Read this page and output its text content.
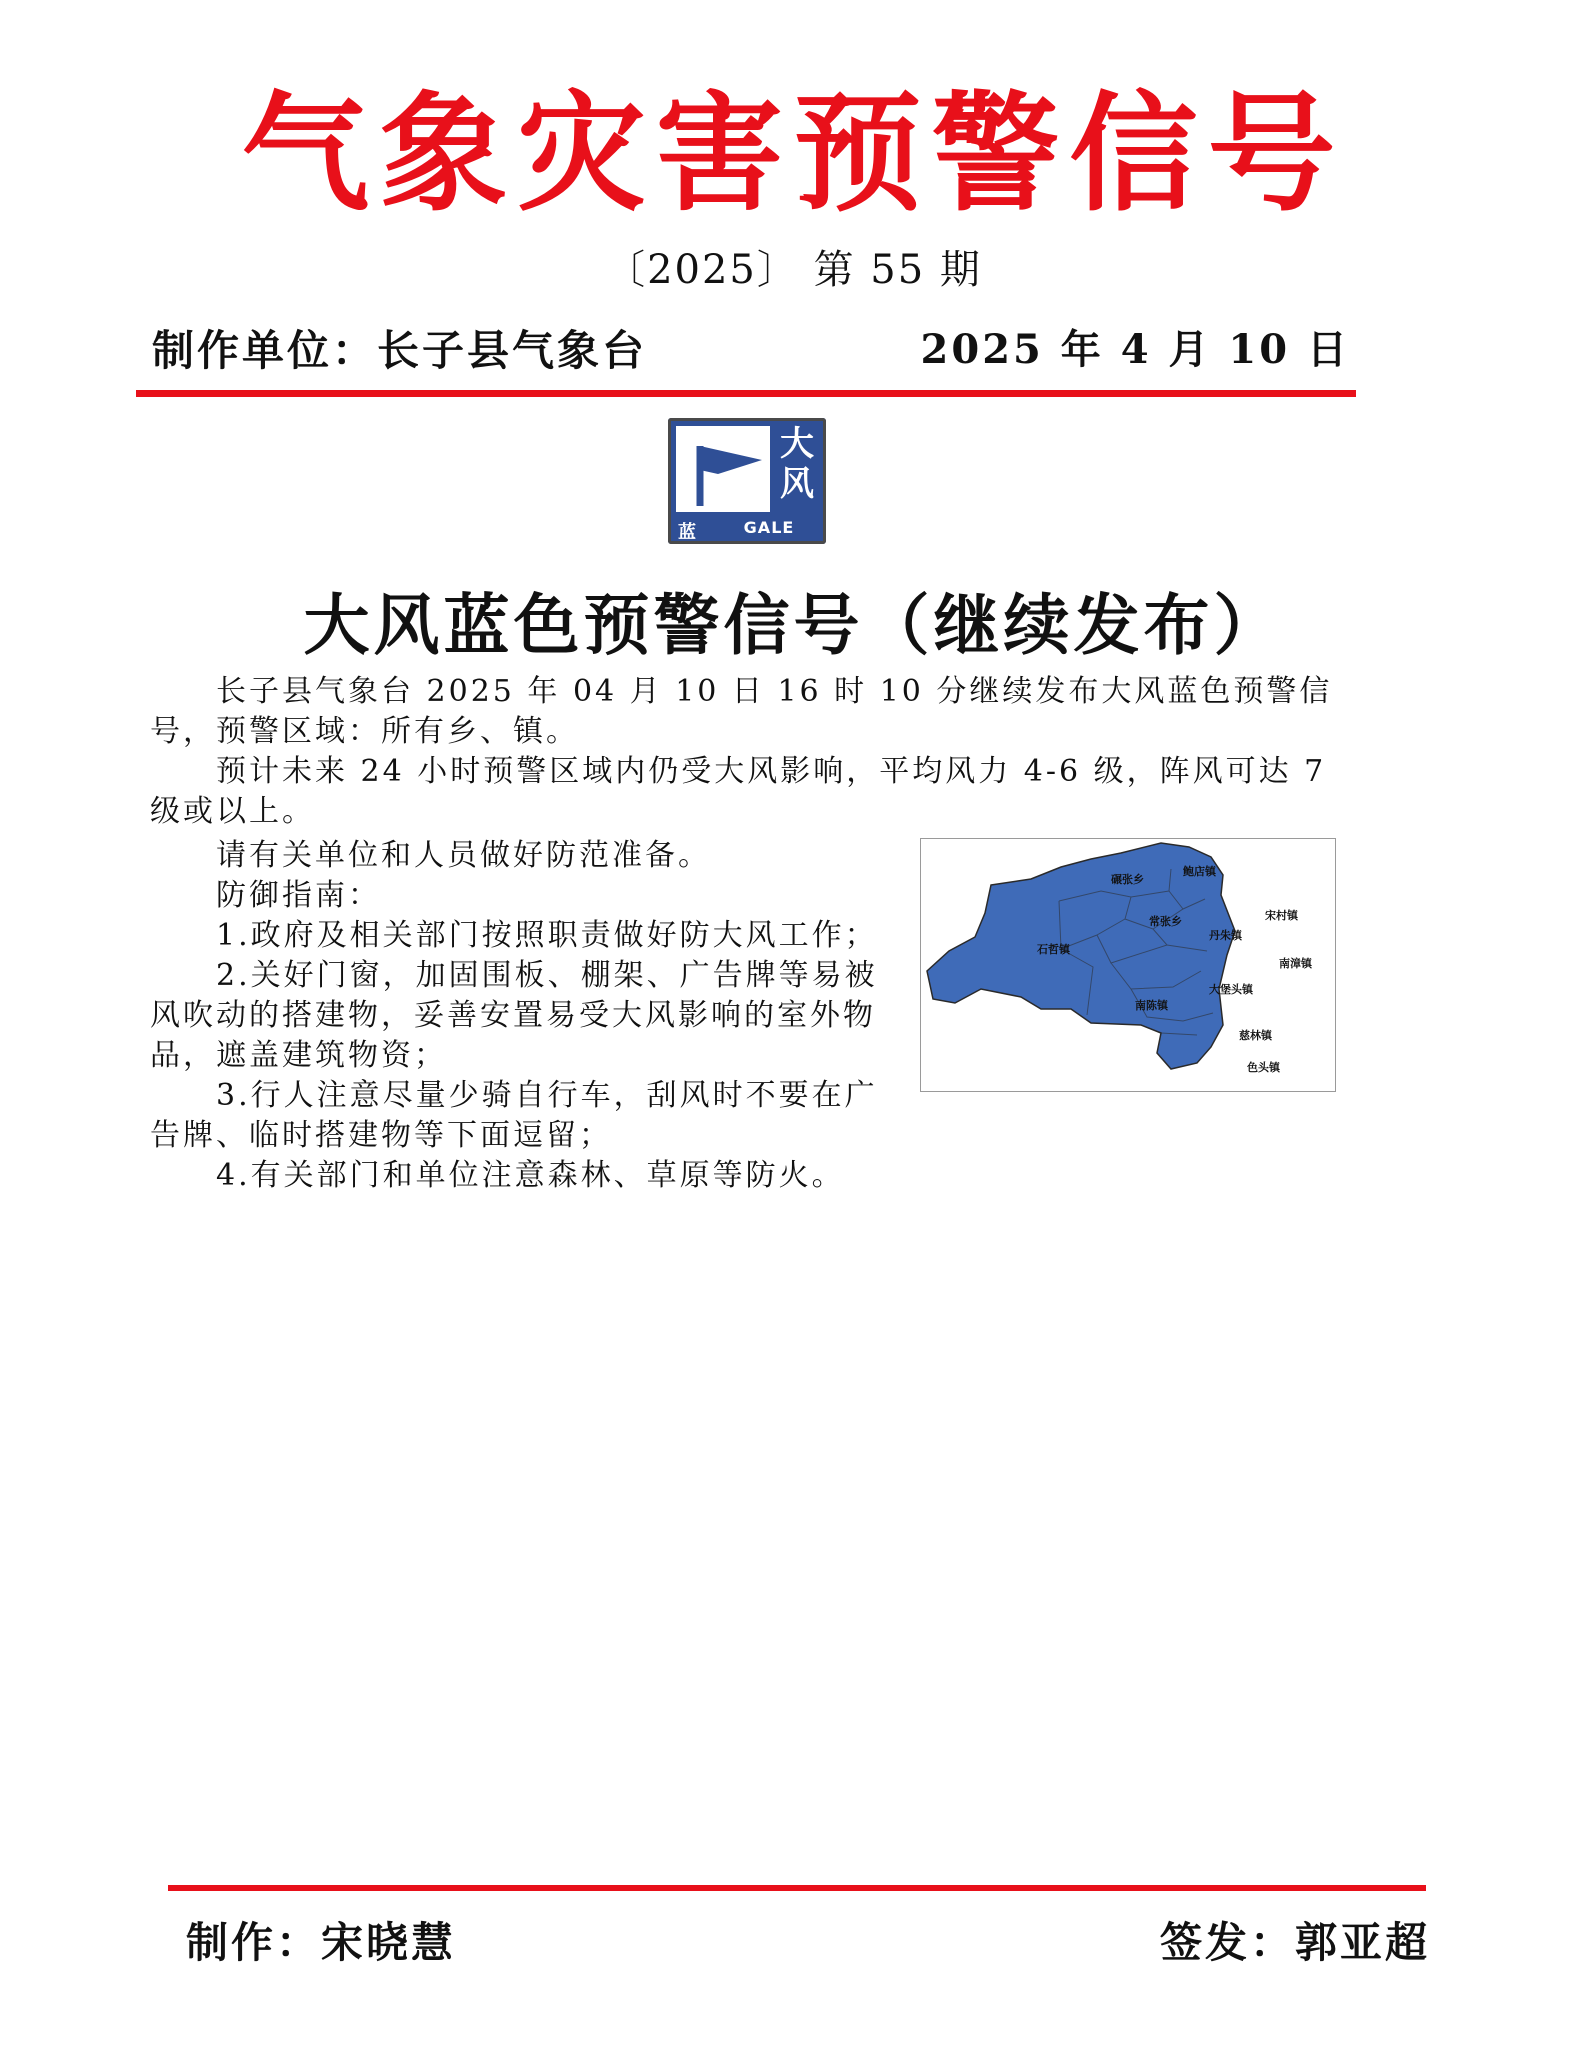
气象灾害预警信号
〔2025〕 第 55 期
制作单位：长子县气象台	2025 年 4 月 10 日
大风
蓝	GALE
大风蓝色预警信号（继续发布）

长子县气象台 2025 年 04 月 10 日 16 时 10 分继续发布大风蓝色预警信号，预警区域：所有乡、镇。

预计未来 24 小时预警区域内仍受大风影响，平均风力 4-6 级，阵风可达 7 级或以上。

请有关单位和人员做好防范准备。

防御指南：

1.政府及相关部门按照职责做好防大风工作；

2.关好门窗，加固围板、棚架、广告牌等易被风吹动的搭建物，妥善安置易受大风影响的室外物品，遮盖建筑物资；

3.行人注意尽量少骑自行车，刮风时不要在广告牌、临时搭建物等下面逗留；

4.有关部门和单位注意森林、草原等防火。

碾张乡
鲍店镇
宋村镇
常张乡
丹朱镇
石哲镇
南漳镇
大堡头镇
南陈镇
慈林镇
色头镇
制作：宋晓慧	签发：郭亚超
